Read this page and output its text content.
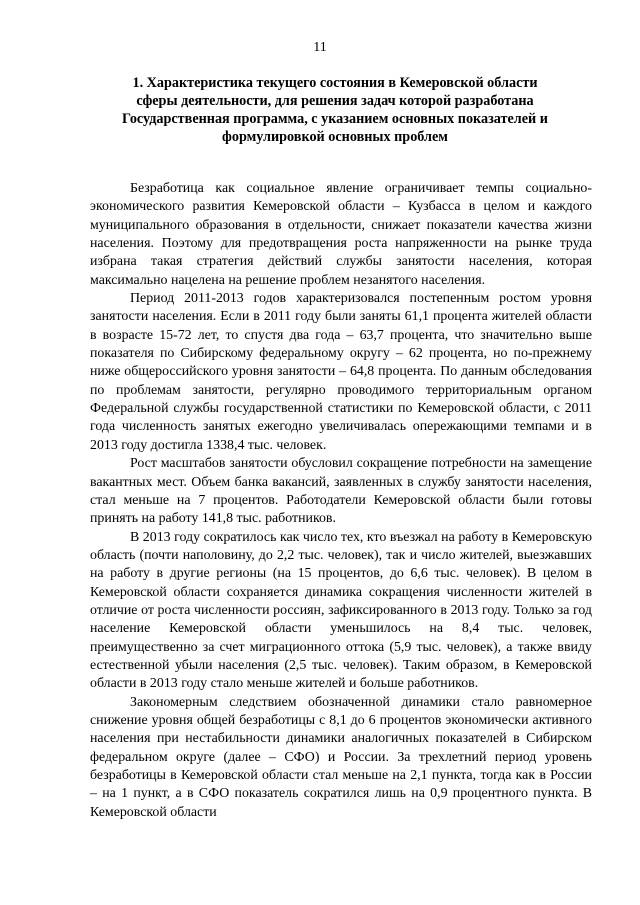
11
1. Характеристика текущего состояния в Кемеровской области
сферы деятельности, для решения задач которой разработана
Государственная программа, с указанием основных показателей и
формулировкой основных проблем

Безработица как социальное явление ограничивает темпы социально-экономического развития Кемеровской области – Кузбасса в целом и каждого муниципального образования в отдельности, снижает показатели качества жизни населения. Поэтому для предотвращения роста напряженности на рынке труда избрана такая стратегия действий службы занятости населения, которая максимально нацелена на решение проблем незанятого населения.

Период 2011-2013 годов характеризовался постепенным ростом уровня занятости населения. Если в 2011 году были заняты 61,1 процента жителей области в возрасте 15-72 лет, то спустя два года – 63,7 процента, что значительно выше показателя по Сибирскому федеральному округу – 62 процента, но по-прежнему ниже общероссийского уровня занятости – 64,8 процента. По данным обследования по проблемам занятости, регулярно проводимого территориальным органом Федеральной службы государственной статистики по Кемеровской области, с 2011 года численность занятых ежегодно увеличивалась опережающими темпами и в 2013 году достигла 1338,4 тыс. человек.

Рост масштабов занятости обусловил сокращение потребности на замещение вакантных мест. Объем банка вакансий, заявленных в службу занятости населения, стал меньше на 7 процентов. Работодатели Кемеровской области были готовы принять на работу 141,8 тыс. работников.

В 2013 году сократилось как число тех, кто въезжал на работу в Кемеровскую область (почти наполовину, до 2,2 тыс. человек), так и число жителей, выезжавших на работу в другие регионы (на 15 процентов, до 6,6 тыс. человек). В целом в Кемеровской области сохраняется динамика сокращения численности жителей в отличие от роста численности россиян, зафиксированного в 2013 году. Только за год население Кемеровской области уменьшилось на 8,4 тыс. человек, преимущественно за счет миграционного оттока (5,9 тыс. человек), а также ввиду естественной убыли населения (2,5 тыс. человек). Таким образом, в Кемеровской области в 2013 году стало меньше жителей и больше работников.

Закономерным следствием обозначенной динамики стало равномерное снижение уровня общей безработицы с 8,1 до 6 процентов экономически активного населения при нестабильности динамики аналогичных показателей в Сибирском федеральном округе (далее – СФО) и России. За трехлетний период уровень безработицы в Кемеровской области стал меньше на 2,1 пункта, тогда как в России – на 1 пункт, а в СФО показатель сократился лишь на 0,9 процентного пункта. В Кемеровской области
